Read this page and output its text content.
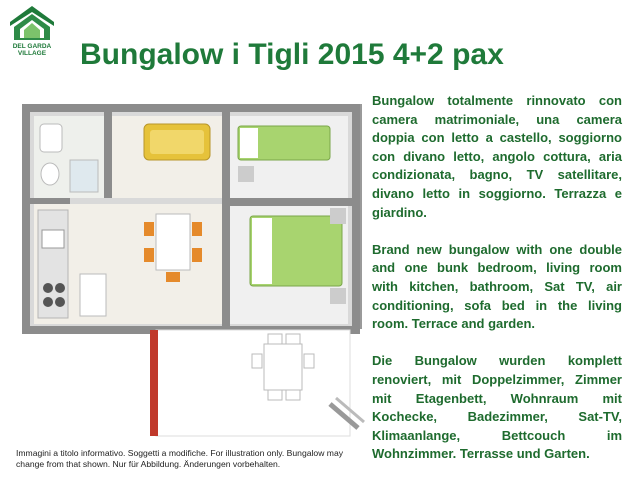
DEL GARDA
VILLAGE Bungalow i Tigli 2015 4+2 pax

Bungalow totalmente rinnovato con camera matrimoniale, una camera doppia con letto a castello, soggiorno con divano letto, angolo cottura, aria condizionata, bagno, TV satellitare, divano letto in soggiorno. Terrazza e giardino.

Brand new bungalow with one double and one bunk bedroom, living room with kitchen, bathroom, Sat TV, air conditioning, sofa bed in the living room. Terrace and garden.

Die Bungalow wurden komplett renoviert, mit Doppelzimmer, Zimmer mit Etagenbett, Wohnraum mit Kochecke, Badezimmer, Sat-TV, Klimaanlange, Bettcouch im Wohnzimmer. Terrasse und Garten.

Immagini a titolo informativo. Soggetti a modifiche. For illustration only. Bungalow may change from that shown. Nur für Abbildung. Änderungen vorbehalten.
